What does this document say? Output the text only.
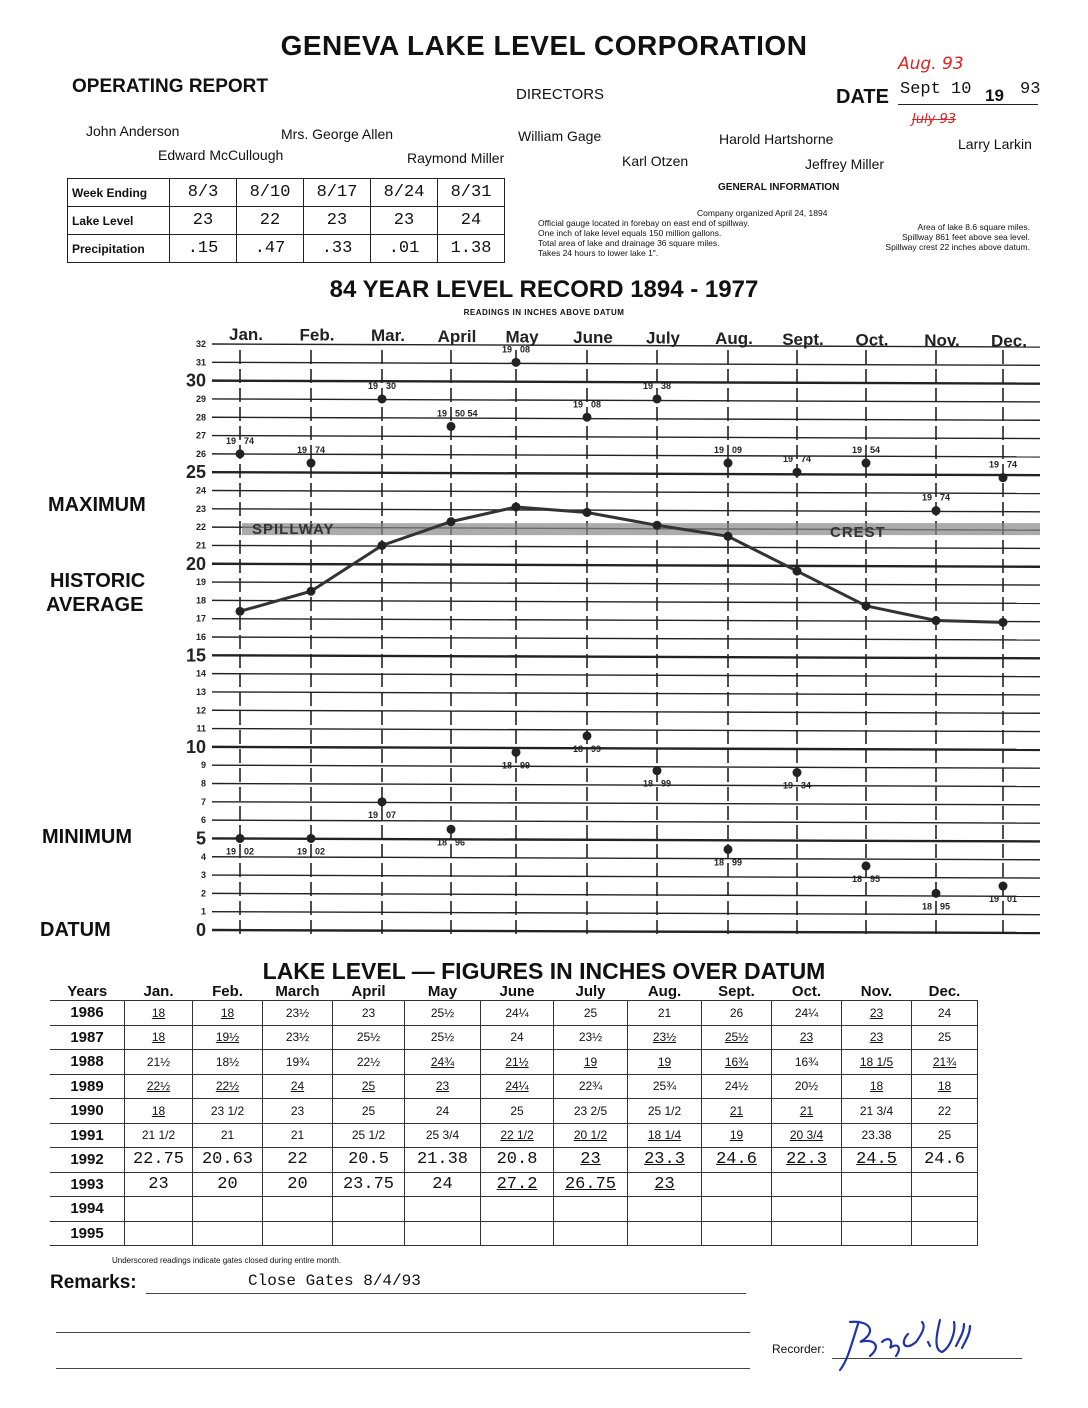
GENEVA LAKE LEVEL CORPORATION
OPERATING REPORT	DIRECTORS
Aug. 93
DATE Sept 10 19 93
July 93
John Anderson	Mrs. George Allen	William Gage	Harold Hartshorne	Larry Larkin
Edward McCullough	Raymond Miller	Karl Otzen	Jeffrey Miller
Week Ending	8/3	8/10	8/17	8/24	8/31
Lake Level	23	22	23	23	24
Precipitation	.15	.47	.33	.01	1.38
GENERAL INFORMATION
Company organized April 24, 1894
Official gauge located in forebay on east end of spillway.
One inch of lake level equals 150 million gallons.
Total area of lake and drainage 36 square miles.
Takes 24 hours to lower lake 1".
Area of lake 8.6 square miles.
Spillway 861 feet above sea level.
Spillway crest 22 inches above datum.
84 YEAR LEVEL RECORD 1894 - 1977
READINGS IN INCHES ABOVE DATUM
MAXIMUM
HISTORIC
AVERAGE
MINIMUM
DATUM	0
1
2
3
4
5
6
7
8
9
10
11
12
13
14
15
16
17
18
19
20
21
22
23
24
25
26
27
28
29
30
31
32 Jan. Feb. Mar. April May June July Aug. Sept. Oct. Nov. Dec.
SPILLWAY	CREST
19 74
19 74
19 30
19 50 54
19 08
19 08
19 38
19 09
19 74
19 54
19 74
19 74
19 02	19 02
19 07
18 96
18 99
18 99
18 99
18 99
19 34
18 95
18 95
19 01
LAKE LEVEL — FIGURES IN INCHES OVER DATUM
Years	Jan.	Feb.	March	April	May	June	July	Aug.	Sept.	Oct.	Nov.	Dec.
1986	18	18	23½	23	25½	24¼	25	21	26	24¼	23	24
1987	18	19½	23½	25½	25½	24	23½	23½	25½	23	23	25
1988	21½	18½	19¾	22½	24¾	21½	19	19	16¾	16¾	18 1/5	21¾
1989	22½	22½	24	25	23	24¼	22¾	25¾	24½	20½	18	18
1990	18	23 1/2	23	25	24	25	23 2/5	25 1/2	21	21	21 3/4	22
1991	21 1/2	21	21	25 1/2	25 3/4	22 1/2	20 1/2	18 1/4	19	20 3/4	23.38	25
1992	22.75	20.63	22	20.5	21.38	20.8	23	23.3	24.6	22.3	24.5	24.6
1993	23	20	20	23.75	24	27.2	26.75	23				
1994												
1995												
Underscored readings indicate gates closed during entire month.
Remarks:	Close Gates 8/4/93
Recorder:
